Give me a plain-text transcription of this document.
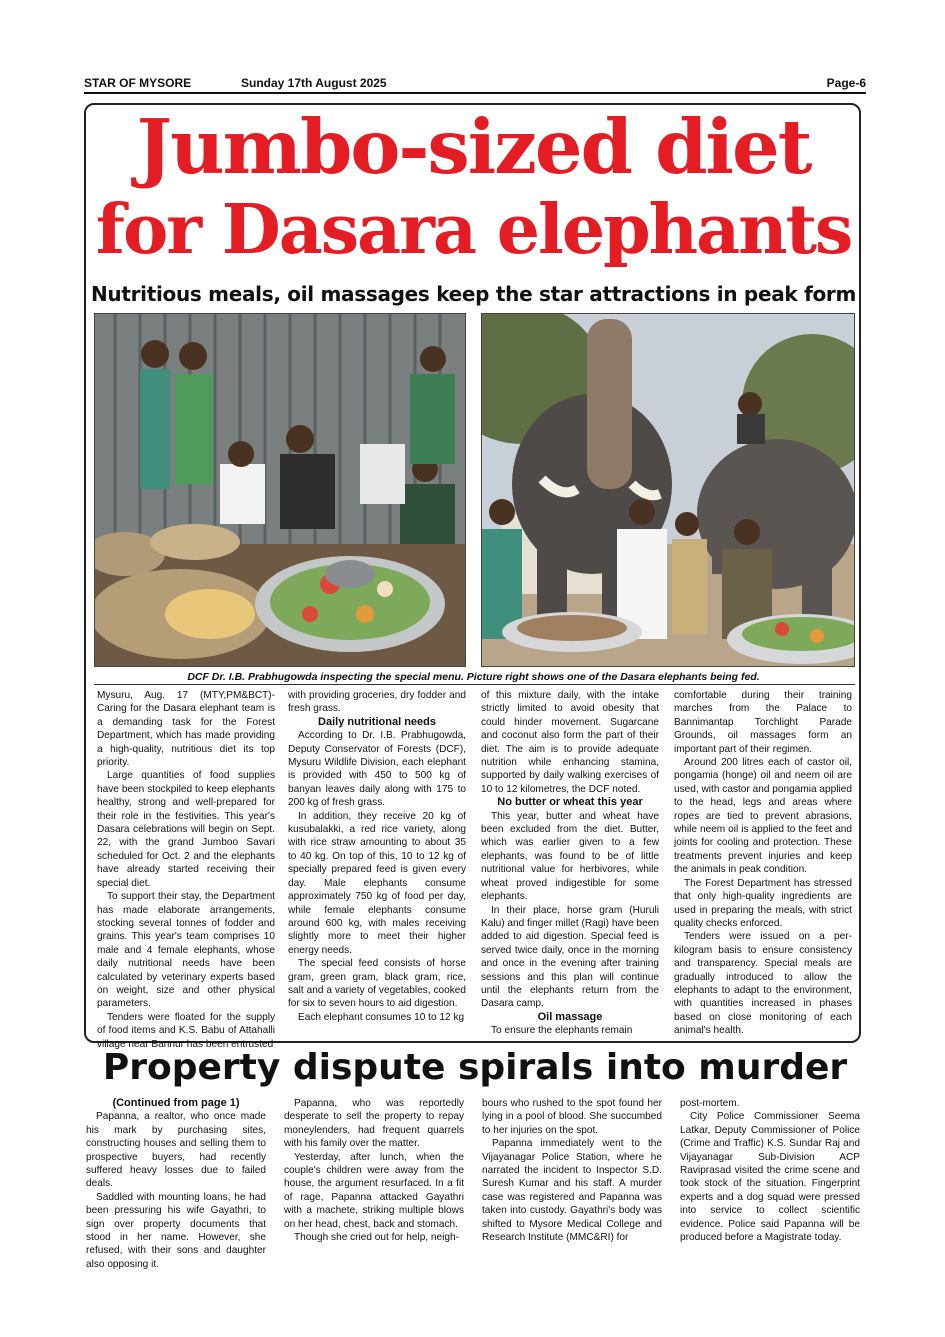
STAR OF MYSORE	Sunday 17th August 2025	Page-6
Jumbo-sized diet
for Dasara elephants
Nutritious meals, oil massages keep the star attractions in peak form
DCF Dr. I.B. Prabhugowda inspecting the special menu. Picture right shows one of the Dasara elephants being fed.

Mysuru, Aug. 17 (MTY,PM&BCT)- Caring for the Dasara elephant team is a demanding task for the Forest Department, which has made providing a high-quality, nutritious diet its top priority.

Large quantities of food supplies have been stockpiled to keep elephants healthy, strong and well-prepared for their role in the festivities. This year's Dasara celebrations will begin on Sept. 22, with the grand Jumboo Savari scheduled for Oct. 2 and the elephants have already started receiving their special diet.

To support their stay, the Department has made elaborate arrangements, stocking several tonnes of fodder and grains. This year's team comprises 10 male and 4 female elephants, whose daily nutritional needs have been calculated by veterinary experts based on weight, size and other physical parameters.

Tenders were floated for the supply of food items and K.S. Babu of Attahalli village near Bannur has been entrusted

with providing groceries, dry fodder and fresh grass.

Daily nutritional needs

According to Dr. I.B. Prabhugowda, Deputy Conservator of Forests (DCF), Mysuru Wildlife Division, each elephant is provided with 450 to 500 kg of banyan leaves daily along with 175 to 200 kg of fresh grass.

In addition, they receive 20 kg of kusubalakki, a red rice variety, along with rice straw amounting to about 35 to 40 kg. On top of this, 10 to 12 kg of specially prepared feed is given every day. Male elephants consume approximately 750 kg of food per day, while female elephants consume around 600 kg, with males receiving slightly more to meet their higher energy needs.

The special feed consists of horse gram, green gram, black gram, rice, salt and a variety of vegetables, cooked for six to seven hours to aid digestion.

Each elephant consumes 10 to 12 kg

of this mixture daily, with the intake strictly limited to avoid obesity that could hinder movement. Sugarcane and coconut also form the part of their diet. The aim is to provide adequate nutrition while enhancing stamina, supported by daily walking exercises of 10 to 12 kilometres, the DCF noted.

No butter or wheat this year

This year, butter and wheat have been excluded from the diet. Butter, which was earlier given to a few elephants, was found to be of little nutritional value for herbivores, while wheat proved indigestible for some elephants.

In their place, horse gram (Huruli Kalu) and finger millet (Ragi) have been added to aid digestion. Special feed is served twice daily, once in the morning and once in the evening after training sessions and this plan will continue until the elephants return from the Dasara camp.

Oil massage

To ensure the elephants remain

comfortable during their training marches from the Palace to Bannimantap Torchlight Parade Grounds, oil massages form an important part of their regimen.

Around 200 litres each of castor oil, pongamia (honge) oil and neem oil are used, with castor and pongamia applied to the head, legs and areas where ropes are tied to prevent abrasions, while neem oil is applied to the feet and joints for cooling and protection. These treatments prevent injuries and keep the animals in peak condition.

The Forest Department has stressed that only high-quality ingredients are used in preparing the meals, with strict quality checks enforced.

Tenders were issued on a per-kilogram basis to ensure consistency and transparency. Special meals are gradually introduced to allow the elephants to adapt to the environment, with quantities increased in phases based on close monitoring of each animal's health.

Property dispute spirals into murder
(Continued from page 1)

Papanna, a realtor, who once made his mark by purchasing sites, constructing houses and selling them to prospective buyers, had recently suffered heavy losses due to failed deals.

Saddled with mounting loans, he had been pressuring his wife Gayathri, to sign over property documents that stood in her name. However, she refused, with their sons and daughter also opposing it.

Papanna, who was reportedly desperate to sell the property to repay moneylenders, had frequent quarrels with his family over the matter.

Yesterday, after lunch, when the couple's children were away from the house, the argument resurfaced. In a fit of rage, Papanna attacked Gayathri with a machete, striking multiple blows on her head, chest, back and stomach.

Though she cried out for help, neigh-

bours who rushed to the spot found her lying in a pool of blood. She succumbed to her injuries on the spot.

Papanna immediately went to the Vijayanagar Police Station, where he narrated the incident to Inspector S.D. Suresh Kumar and his staff. A murder case was registered and Papanna was taken into custody. Gayathri's body was shifted to Mysore Medical College and Research Institute (MMC&RI) for

post-mortem.

City Police Commissioner Seema Latkar, Deputy Commissioner of Police (Crime and Traffic) K.S. Sundar Raj and Vijayanagar Sub-Division ACP Raviprasad visited the crime scene and took stock of the situation. Fingerprint experts and a dog squad were pressed into service to collect scientific evidence. Police said Papanna will be produced before a Magistrate today.
